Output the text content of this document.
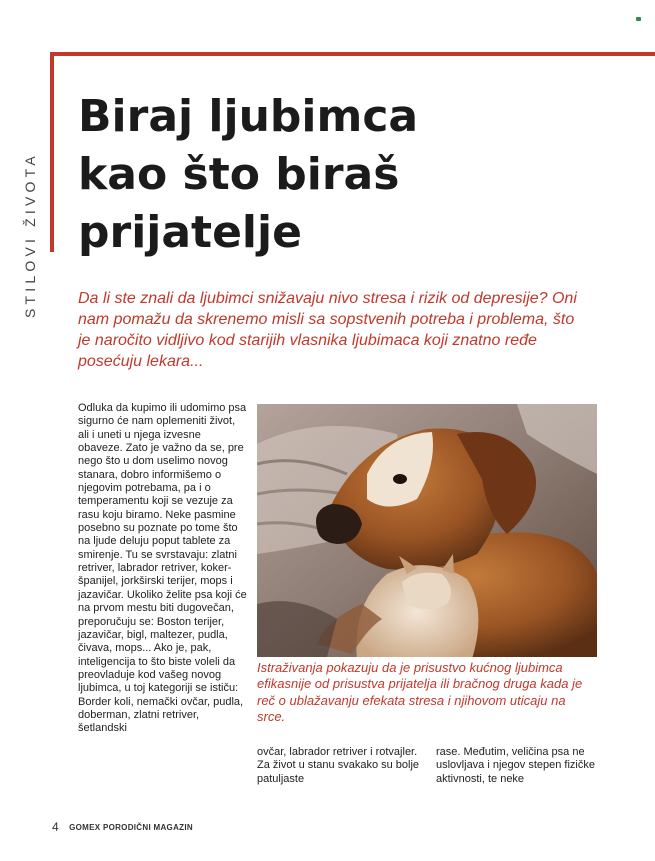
STILOVI ŽIVOTA
Biraj ljubimca
kao što biraš
prijatelje

Da li ste znali da ljubimci snižavaju nivo stresa i rizik od depresije? Oni nam pomažu da skrenemo misli sa sopstvenih potreba i problema, što je naročito vidljivo kod starijih vlasnika ljubimaca koji znatno ređe posećuju lekara...

Odluka da kupimo ili udomimo psa sigurno će nam oplemeniti život, ali i uneti u njega izvesne obaveze. Zato je važno da se, pre nego što u dom uselimo novog stanara, dobro informišemo o njegovim potrebama, pa i o temperamentu koji se vezuje za rasu koju biramo. Neke pasmine posebno su poznate po tome što na ljude deluju poput tablete za smirenje. Tu se svrstavaju: zlatni retriver, labrador retriver, koker-španijel, jorkširski terijer, mops i jazavičar. Ukoliko želite psa koji će na prvom mestu biti dugovečan, preporučuju se: Boston terijer, jazavičar, bigl, maltezer, pudla, čivava, mops... Ako je, pak, inteligencija to što biste voleli da preovladuje kod vašeg novog ljubimca, u toj kategoriji se ističu: Border koli, nemački ovčar, pudla, doberman, zlatni retriver, šetlandski

Istraživanja pokazuju da je prisustvo kućnog ljubimca efikasnije od prisustva prijatelja ili bračnog druga kada je reč o ublažavanju efekata stresa i njihovom uticaju na srce.

ovčar, labrador retriver i rotvajler. Za život u stanu svakako su bolje patuljaste

rase. Međutim, veličina psa ne uslovljava i njegov stepen fizičke aktivnosti, te neke

4 GOMEX PORODIČNI MAGAZIN
